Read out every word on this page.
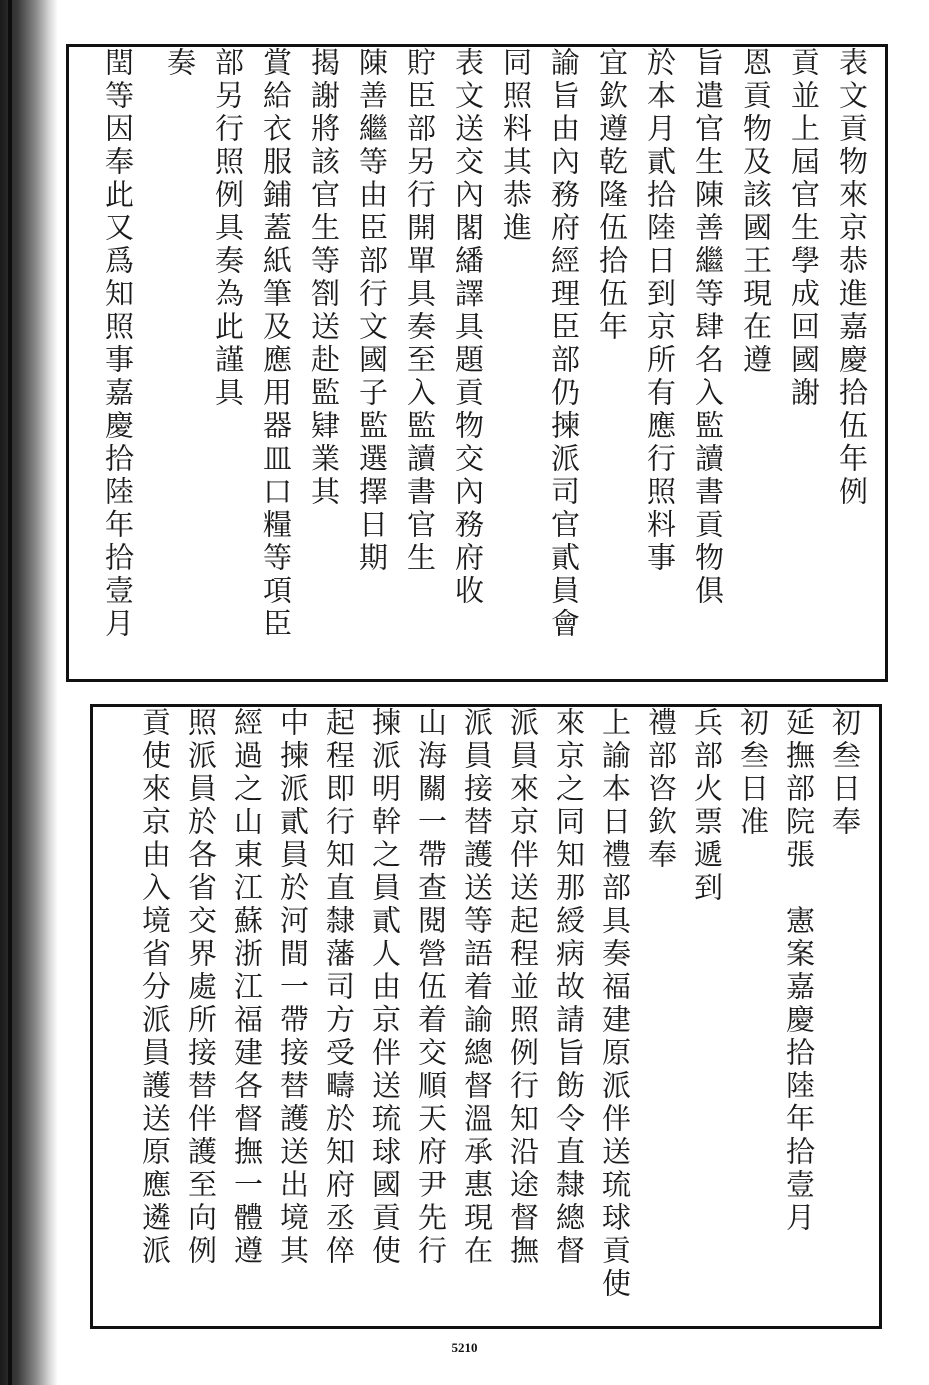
表文貢物來京恭進嘉慶拾伍年例
貢並上屆官生學成回國謝
恩貢物及該國王現在遵
旨遣官生陳善繼等肆名入監讀書貢物俱
於本月貳拾陸日到京所有應行照料事
宜欽遵乾隆伍拾伍年
諭旨由內務府經理臣部仍揀派司官貳員會
同照料其恭進
表文送交內閣繙譯具題貢物交內務府收
貯臣部另行開單具奏至入監讀書官生
陳善繼等由臣部行文國子監選擇日期
揭謝將該官生等劄送赴監肄業其
賞給衣服鋪蓋紙筆及應用器皿口糧等項臣
部另行照例具奏為此謹具
奏
閏等因奉此又爲知照事嘉慶拾陸年拾壹月
初叁日奉
延撫部院張　憲案嘉慶拾陸年拾壹月
初叁日准
兵部火票遞到
禮部咨欽奉
上諭本日禮部具奏福建原派伴送琉球貢使
來京之同知那綬病故請旨飭令直隸總督
派員來京伴送起程並照例行知沿途督撫
派員接替護送等語着諭總督溫承惠現在
山海關一帶查閱營伍着交順天府尹先行
揀派明幹之員貳人由京伴送琉球國貢使
起程即行知直隸藩司方受疇於知府丞倅
中揀派貳員於河間一帶接替護送出境其
經過之山東江蘇浙江福建各督撫一體遵
照派員於各省交界處所接替伴護至向例
貢使來京由入境省分派員護送原應遴派
5210
